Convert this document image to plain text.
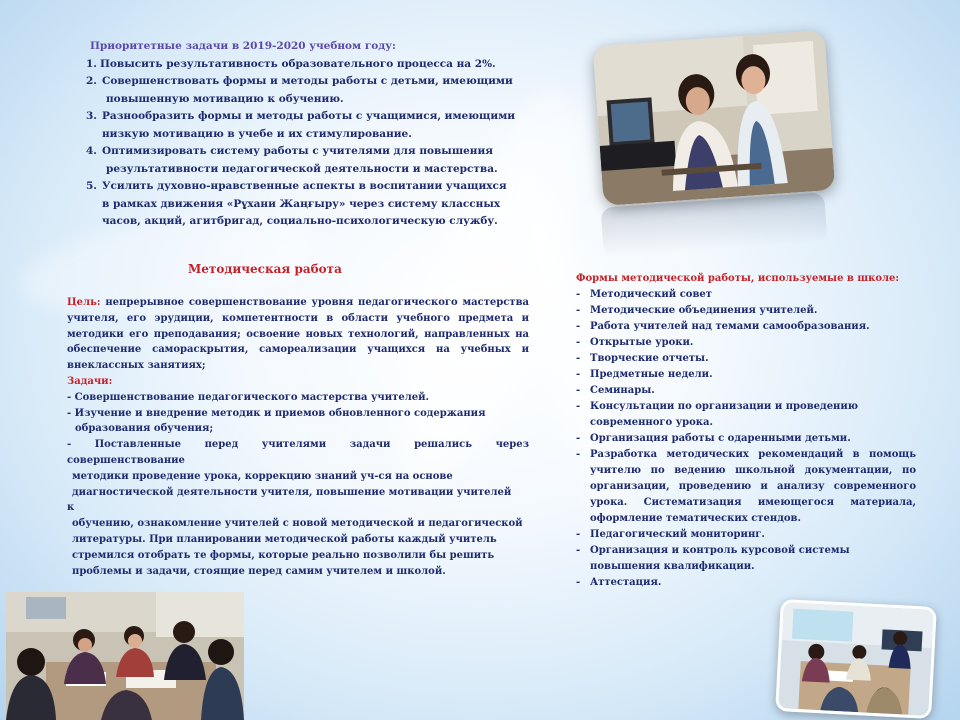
Приоритетные задачи в 2019-2020 учебном году:
1. Повысить результативность образовательного процесса на 2%.
2. Совершенствовать формы и методы работы с детьми, имеющими
повышенную мотивацию к обучению.
3. Разнообразить формы и методы работы с учащимися, имеющими
низкую мотивацию в учебе и их стимулирование.
4. Оптимизировать систему работы с учителями для повышения
результативности педагогической деятельности и мастерства.
5. Усилить духовно-нравственные аспекты в воспитании учащихся
в рамках движения «Рұхани Жаңғыру» через систему классных
часов, акций, агитбригад, социально-психологическую службу.
Методическая работа

Цель: непрерывное совершенствование уровня педагогического мастерства учителя, его эрудиции, компетентности в области учебного предмета и методики его преподавания; освоение новых технологий, направленных на обеспечение самораскрытия, самореализации учащихся на учебных и внеклассных занятиях;

Задачи:

- Совершенствование педагогического мастерства учителей.

- Изучение и внедрение методик и приемов обновленного содержания

образования обучения;

- Поставленные перед учителями задачи решались через

совершенствование

методики проведение урока, коррекцию знаний уч-ся на основе

диагностической деятельности учителя, повышение мотивации учителей

к

обучению, ознакомление учителей с новой методической и педагогической

литературы. При планировании методической работы каждый учитель

стремился отобрать те формы, которые реально позволили бы решить

проблемы и задачи, стоящие перед самим учителем и школой.

Формы методической работы, используемые в школе:
- Методический совет
- Методические объединения учителей.
- Работа учителей над темами самообразования.
- Открытые уроки.
- Творческие отчеты.
- Предметные недели.
- Семинары.
- Консультации по организации и проведению современного урока.
- Организация работы с одаренными детьми.
- Разработка методических рекомендаций в помощь учителю по ведению школьной документации, по организации, проведению и анализу современного урока. Систематизация имеющегося материала, оформление тематических стендов.
- Педагогический мониторинг.
- Организация и контроль курсовой системы повышения квалификации.
- Аттестация.
